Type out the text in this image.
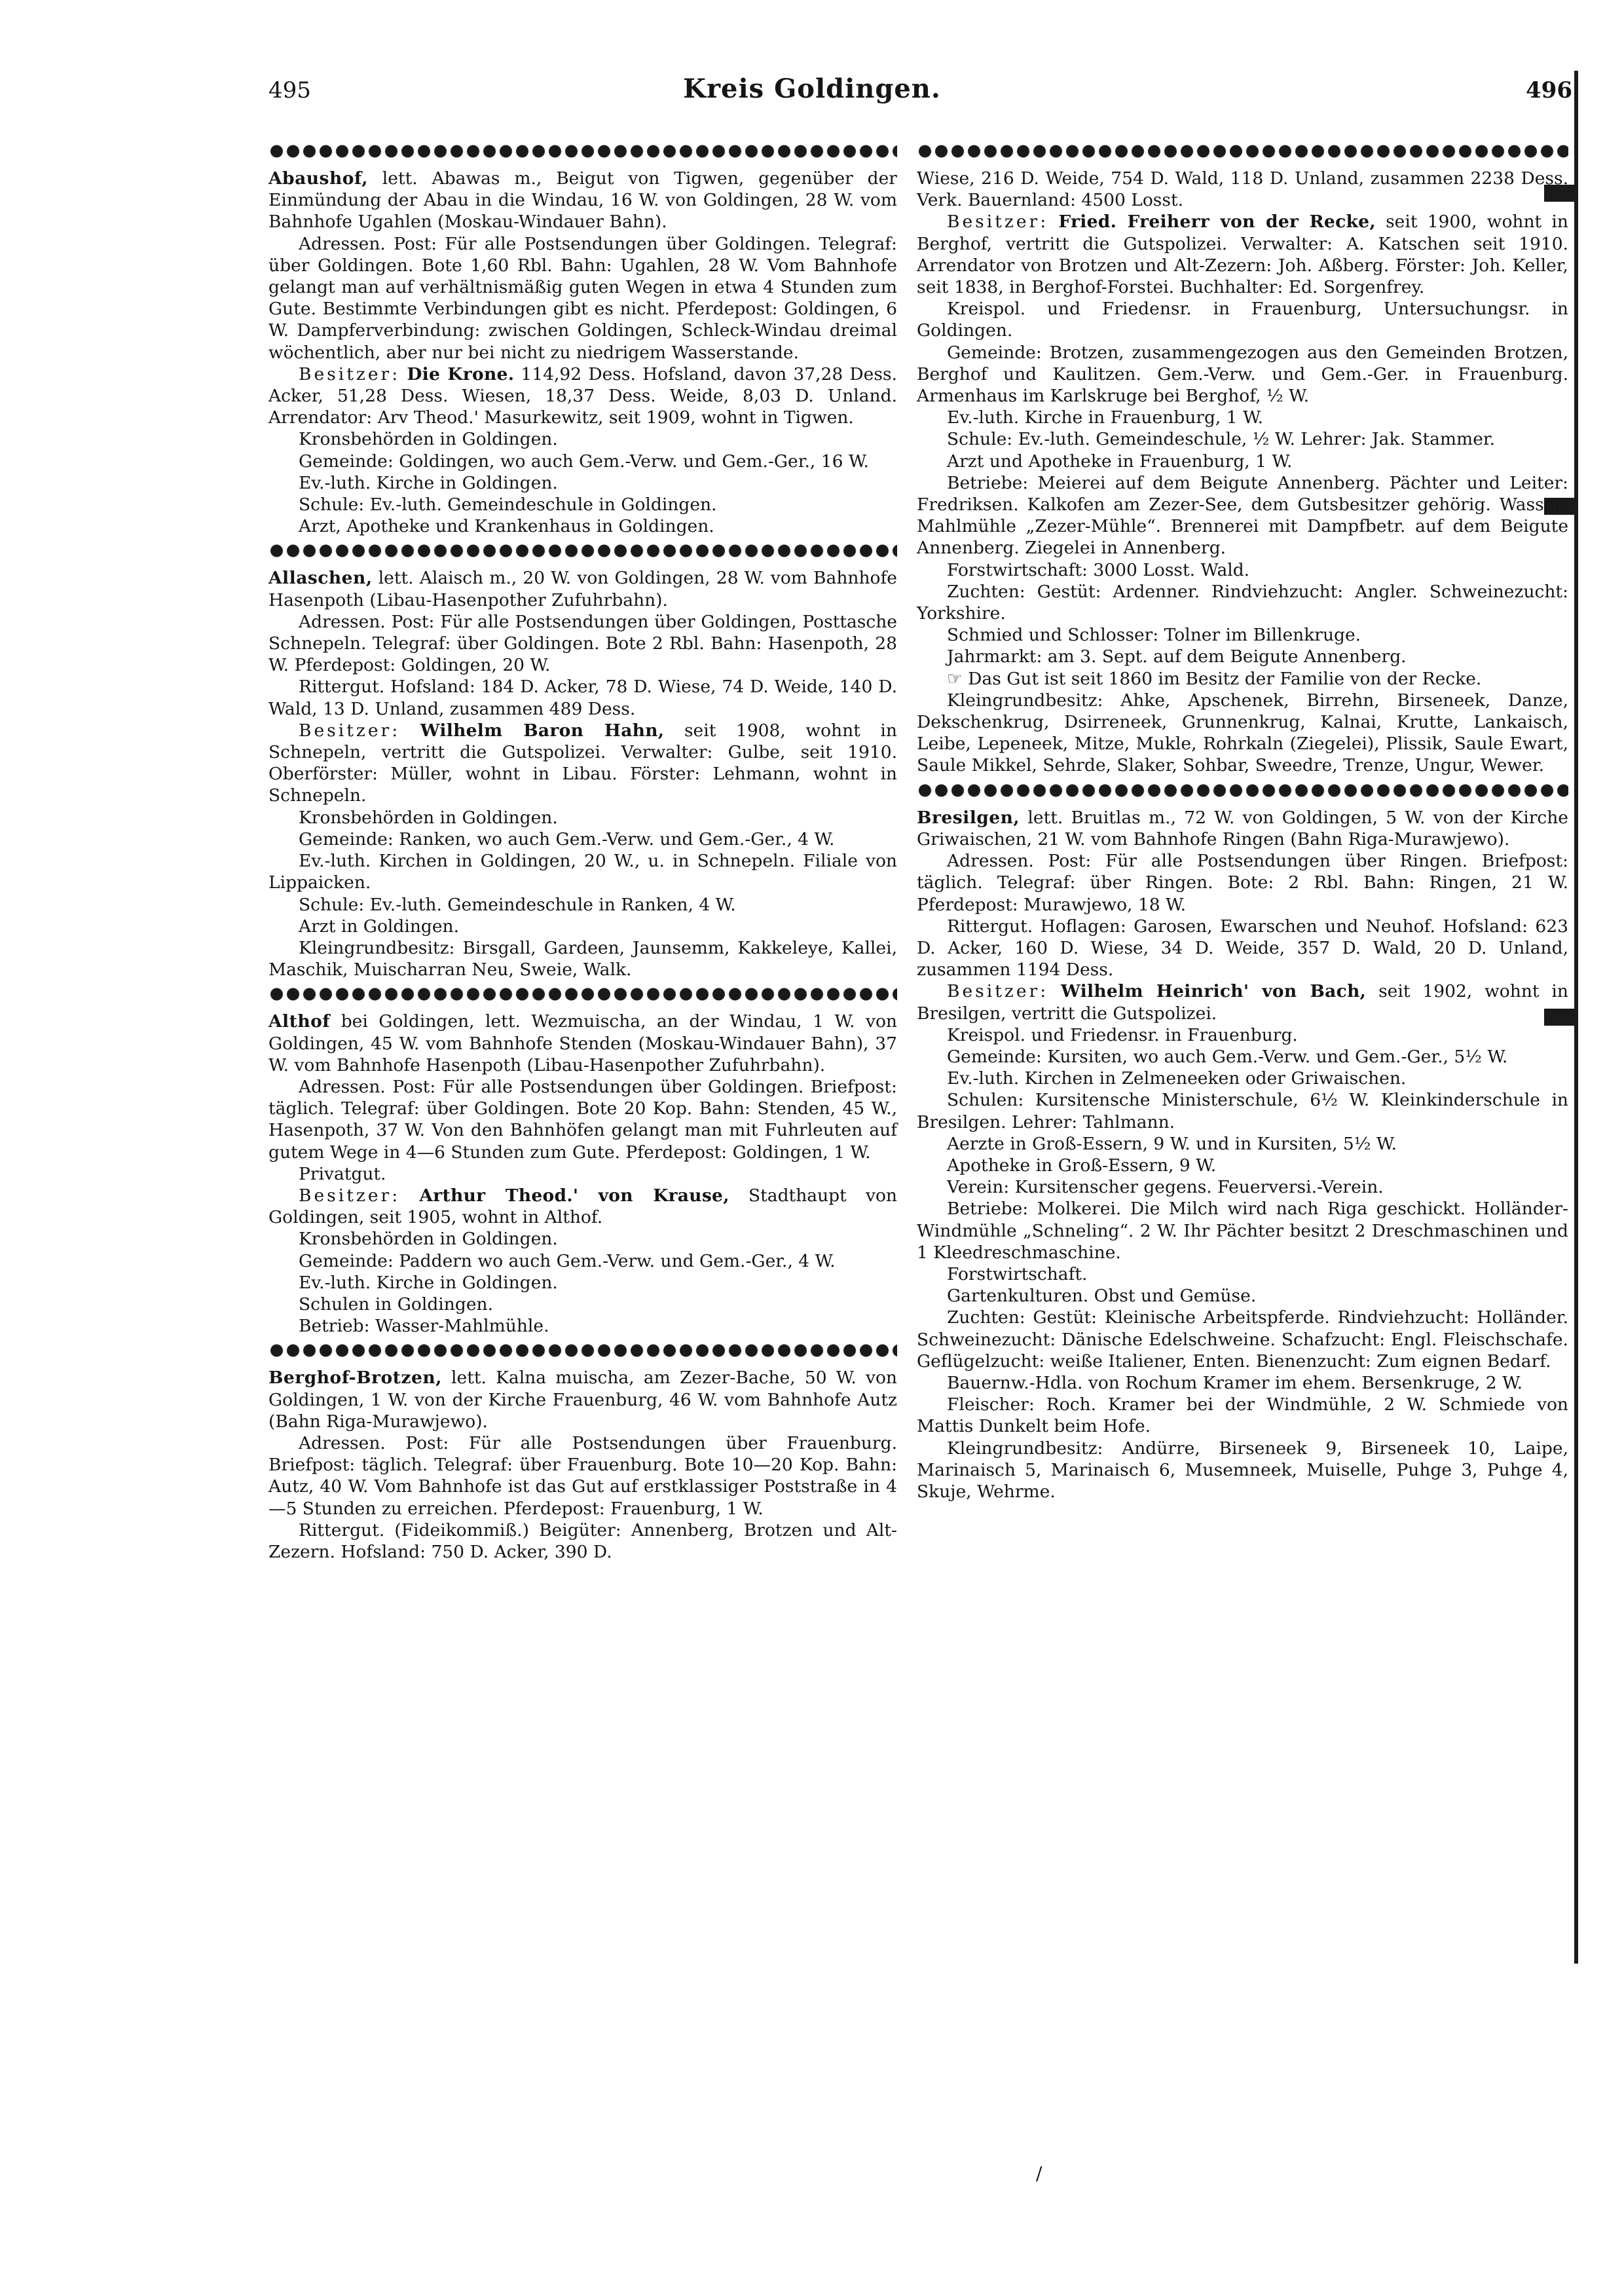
495	Kreis Goldingen.	496

Abaushof, lett. Abawas m., Beigut von Tigwen, gegenüber der Einmündung der Abau in die Windau, 16 W. von Goldingen, 28 W. vom Bahnhofe Ugahlen (Moskau-Windauer Bahn).

Adressen. Post: Für alle Postsendungen über Goldingen. Telegraf: über Goldingen. Bote 1,60 Rbl. Bahn: Ugahlen, 28 W. Vom Bahnhofe gelangt man auf verhältnismäßig guten Wegen in etwa 4 Stunden zum Gute. Bestimmte Verbindungen gibt es nicht. Pferdepost: Goldingen, 6 W. Dampferverbindung: zwischen Goldingen, Schleck-Windau dreimal wöchentlich, aber nur bei nicht zu niedrigem Wasserstande.

Besitzer: Die Krone. 114,92 Dess. Hofsland, davon 37,28 Dess. Acker, 51,28 Dess. Wiesen, 18,37 Dess. Weide, 8,03 D. Unland. Arrendator: Arv Theod.' Masurkewitz, seit 1909, wohnt in Tigwen.

Kronsbehörden in Goldingen.

Gemeinde: Goldingen, wo auch Gem.-Verw. und Gem.-Ger., 16 W.

Ev.-luth. Kirche in Goldingen.

Schule: Ev.-luth. Gemeindeschule in Goldingen.

Arzt, Apotheke und Krankenhaus in Goldingen.

Allaschen, lett. Alaisch m., 20 W. von Goldingen, 28 W. vom Bahnhofe Hasenpoth (Libau-Hasenpother Zufuhrbahn).

Adressen. Post: Für alle Postsendungen über Goldingen, Posttasche Schnepeln. Telegraf: über Goldingen. Bote 2 Rbl. Bahn: Hasenpoth, 28 W. Pferdepost: Goldingen, 20 W.

Rittergut. Hofsland: 184 D. Acker, 78 D. Wiese, 74 D. Weide, 140 D. Wald, 13 D. Unland, zusammen 489 Dess.

Besitzer: Wilhelm Baron Hahn, seit 1908, wohnt in Schnepeln, vertritt die Gutspolizei. Verwalter: Gulbe, seit 1910. Oberförster: Müller, wohnt in Libau. Förster: Lehmann, wohnt in Schnepeln.

Kronsbehörden in Goldingen.

Gemeinde: Ranken, wo auch Gem.-Verw. und Gem.-Ger., 4 W.

Ev.-luth. Kirchen in Goldingen, 20 W., u. in Schnepeln. Filiale von Lippaicken.

Schule: Ev.-luth. Gemeindeschule in Ranken, 4 W.

Arzt in Goldingen.

Kleingrundbesitz: Birsgall, Gardeen, Jaunsemm, Kakkeleye, Kallei, Maschik, Muischarran Neu, Sweie, Walk.

Althof bei Goldingen, lett. Wezmuischa, an der Windau, 1 W. von Goldingen, 45 W. vom Bahnhofe Stenden (Moskau-Windauer Bahn), 37 W. vom Bahnhofe Hasenpoth (Libau-Hasenpother Zufuhrbahn).

Adressen. Post: Für alle Postsendungen über Goldingen. Briefpost: täglich. Telegraf: über Goldingen. Bote 20 Kop. Bahn: Stenden, 45 W., Hasenpoth, 37 W. Von den Bahnhöfen gelangt man mit Fuhrleuten auf gutem Wege in 4—6 Stunden zum Gute. Pferdepost: Goldingen, 1 W.

Privatgut.

Besitzer: Arthur Theod.' von Krause, Stadthaupt von Goldingen, seit 1905, wohnt in Althof.

Kronsbehörden in Goldingen.

Gemeinde: Paddern wo auch Gem.-Verw. und Gem.-Ger., 4 W.

Ev.-luth. Kirche in Goldingen.

Schulen in Goldingen.

Betrieb: Wasser-Mahlmühle.

Berghof-Brotzen, lett. Kalna muischa, am Zezer-Bache, 50 W. von Goldingen, 1 W. von der Kirche Frauenburg, 46 W. vom Bahnhofe Autz (Bahn Riga-Murawjewo).

Adressen. Post: Für alle Postsendungen über Frauenburg. Briefpost: täglich. Telegraf: über Frauenburg. Bote 10—20 Kop. Bahn: Autz, 40 W. Vom Bahnhofe ist das Gut auf erstklassiger Poststraße in 4—5 Stunden zu erreichen. Pferdepost: Frauenburg, 1 W.

Rittergut. (Fideikommiß.) Beigüter: Annenberg, Brotzen und Alt-Zezern. Hofsland: 750 D. Acker, 390 D.

Wiese, 216 D. Weide, 754 D. Wald, 118 D. Unland, zusammen 2238 Dess. Verk. Bauernland: 4500 Losst.

Besitzer: Fried. Freiherr von der Recke, seit 1900, wohnt in Berghof, vertritt die Gutspolizei. Verwalter: A. Katschen seit 1910. Arrendator von Brotzen und Alt-Zezern: Joh. Aßberg. Förster: Joh. Keller, seit 1838, in Berghof-Forstei. Buchhalter: Ed. Sorgenfrey.

Kreispol. und Friedensr. in Frauenburg, Untersuchungsr. in Goldingen.

Gemeinde: Brotzen, zusammengezogen aus den Gemeinden Brotzen, Berghof und Kaulitzen. Gem.-Verw. und Gem.-Ger. in Frauenburg. Armenhaus im Karlskruge bei Berghof, ½ W.

Ev.-luth. Kirche in Frauenburg, 1 W.

Schule: Ev.-luth. Gemeindeschule, ½ W. Lehrer: Jak. Stammer.

Arzt und Apotheke in Frauenburg, 1 W.

Betriebe: Meierei auf dem Beigute Annenberg. Pächter und Leiter: Fredriksen. Kalkofen am Zezer-See, dem Gutsbesitzer gehörig. Wasser-Mahlmühle „Zezer-Mühle“. Brennerei mit Dampfbetr. auf dem Beigute Annenberg. Ziegelei in Annenberg.

Forstwirtschaft: 3000 Losst. Wald.

Zuchten: Gestüt: Ardenner. Rindviehzucht: Angler. Schweinezucht: Yorkshire.

Schmied und Schlosser: Tolner im Billenkruge.

Jahrmarkt: am 3. Sept. auf dem Beigute Annenberg.

☞ Das Gut ist seit 1860 im Besitz der Familie von der Recke.

Kleingrundbesitz: Ahke, Apschenek, Birrehn, Birseneek, Danze, Dekschenkrug, Dsirreneek, Grunnenkrug, Kalnai, Krutte, Lankaisch, Leibe, Lepeneek, Mitze, Mukle, Rohrkaln (Ziegelei), Plissik, Saule Ewart, Saule Mikkel, Sehrde, Slaker, Sohbar, Sweedre, Trenze, Ungur, Wewer.

Bresilgen, lett. Bruitlas m., 72 W. von Goldingen, 5 W. von der Kirche Griwaischen, 21 W. vom Bahnhofe Ringen (Bahn Riga-Murawjewo).

Adressen. Post: Für alle Postsendungen über Ringen. Briefpost: täglich. Telegraf: über Ringen. Bote: 2 Rbl. Bahn: Ringen, 21 W. Pferdepost: Murawjewo, 18 W.

Rittergut. Hoflagen: Garosen, Ewarschen und Neuhof. Hofsland: 623 D. Acker, 160 D. Wiese, 34 D. Weide, 357 D. Wald, 20 D. Unland, zusammen 1194 Dess.

Besitzer: Wilhelm Heinrich' von Bach, seit 1902, wohnt in Bresilgen, vertritt die Gutspolizei.

Kreispol. und Friedensr. in Frauenburg.

Gemeinde: Kursiten, wo auch Gem.-Verw. und Gem.-Ger., 5½ W.

Ev.-luth. Kirchen in Zelmeneeken oder Griwaischen.

Schulen: Kursitensche Ministerschule, 6½ W. Kleinkinderschule in Bresilgen. Lehrer: Tahlmann.

Aerzte in Groß-Essern, 9 W. und in Kursiten, 5½ W.

Apotheke in Groß-Essern, 9 W.

Verein: Kursitenscher gegens. Feuerversi.-Verein.

Betriebe: Molkerei. Die Milch wird nach Riga geschickt. Holländer-Windmühle „Schneling“. 2 W. Ihr Pächter besitzt 2 Dreschmaschinen und 1 Kleedreschmaschine.

Forstwirtschaft.

Gartenkulturen. Obst und Gemüse.

Zuchten: Gestüt: Kleinische Arbeitspferde. Rindviehzucht: Holländer. Schweinezucht: Dänische Edelschweine. Schafzucht: Engl. Fleischschafe. Geflügelzucht: weiße Italiener, Enten. Bienenzucht: Zum eignen Bedarf.

Bauernw.-Hdla. von Rochum Kramer im ehem. Bersenkruge, 2 W.

Fleischer: Roch. Kramer bei der Windmühle, 2 W. Schmiede von Mattis Dunkelt beim Hofe.

Kleingrundbesitz: Andürre, Birseneek 9, Birseneek 10, Laipe, Marinaisch 5, Marinaisch 6, Musemneek, Muiselle, Puhge 3, Puhge 4, Skuje, Wehrme.

/
